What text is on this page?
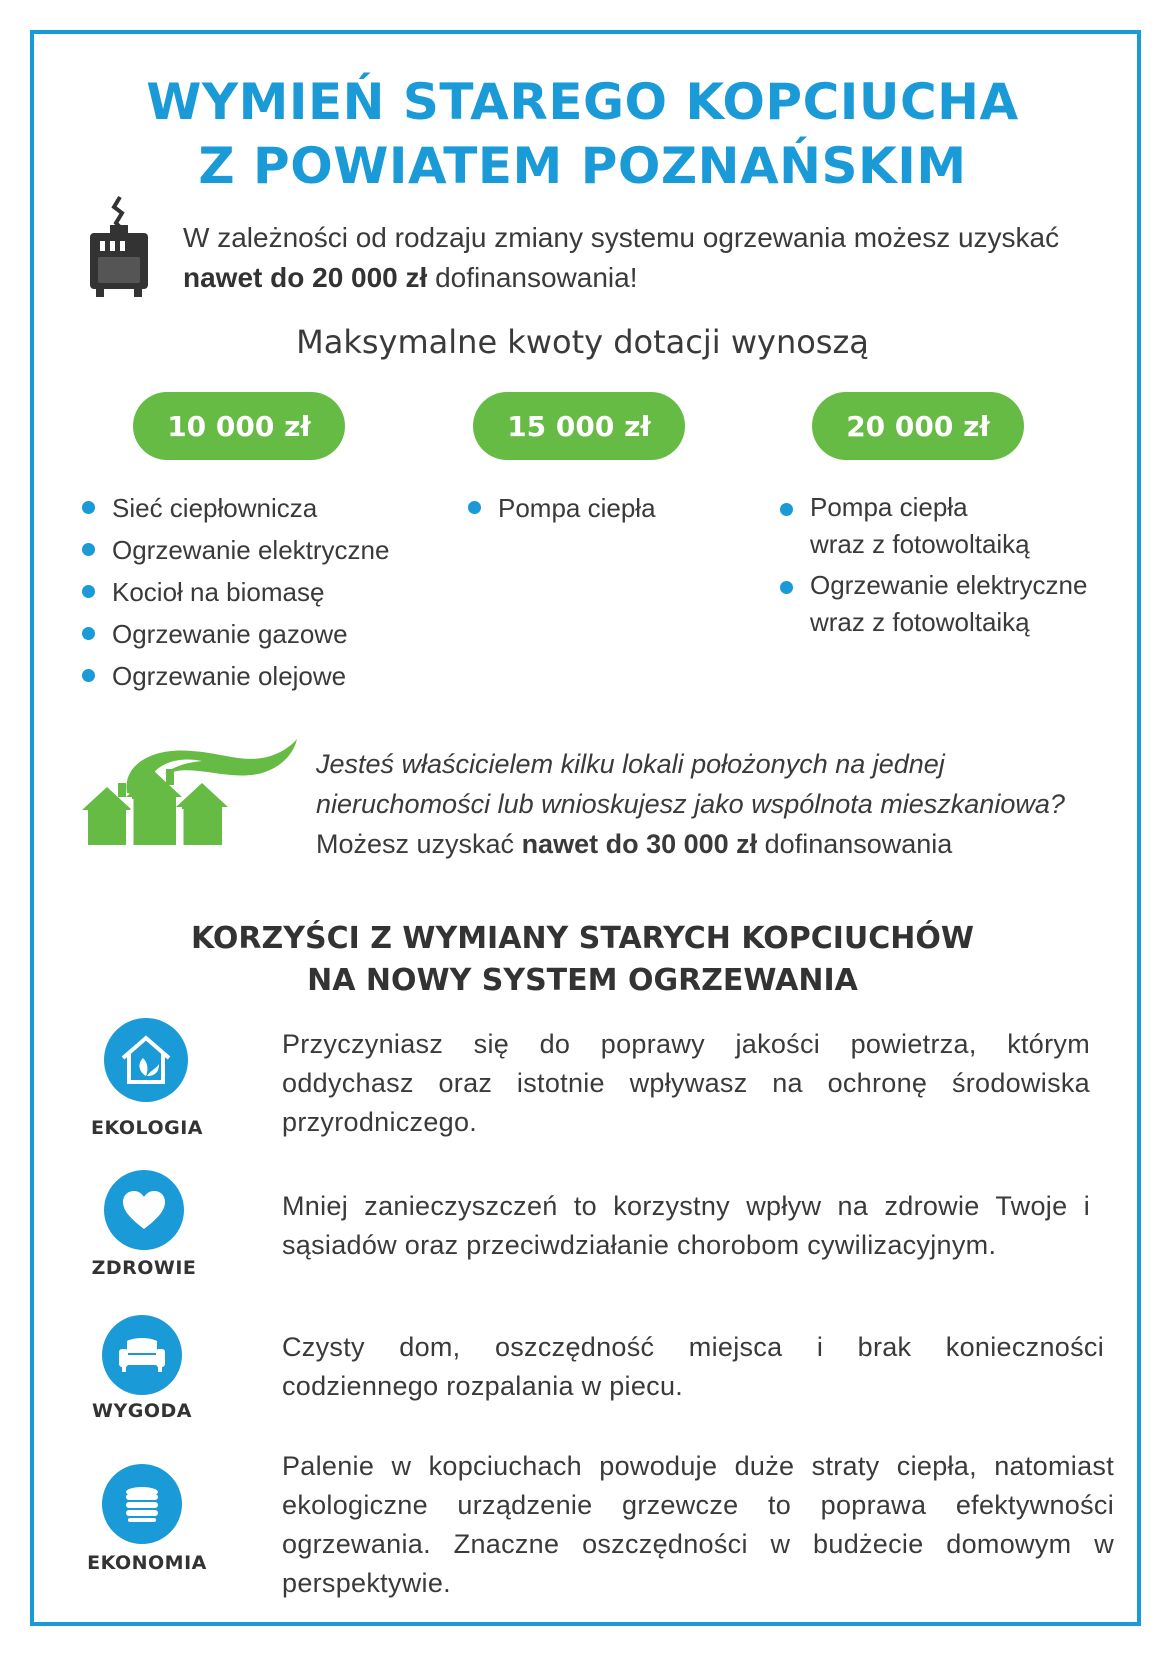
WYMIEŃ STAREGO KOPCIUCHA
Z POWIATEM POZNAŃSKIM
W zależności od rodzaju zmiany systemu ogrzewania możesz uzyskać
nawet do 20 000 zł dofinansowania!
Maksymalne kwoty dotacji wynoszą
10 000 zł	15 000 zł	20 000 zł
Sieć ciepłownicza
Ogrzewanie elektryczne
Kocioł na biomasę
Ogrzewanie gazowe
Ogrzewanie olejowe
Pompa ciepła	Pompa ciepła
wraz z fotowoltaiką
Ogrzewanie elektryczne
wraz z fotowoltaiką
Jesteś właścicielem kilku lokali położonych na jednej
nieruchomości lub wnioskujesz jako wspólnota mieszkaniowa?
Możesz uzyskać nawet do 30 000 zł dofinansowania
KORZYŚCI Z WYMIANY STARYCH KOPCIUCHÓW
NA NOWY SYSTEM OGRZEWANIA
EKOLOGIA
Przyczyniasz się do poprawy jakości powietrza, którym oddychasz oraz istotnie wpływasz na ochronę środowiska przyrodniczego.
ZDROWIE
Mniej zanieczyszczeń to korzystny wpływ na zdrowie Twoje i sąsiadów oraz przeciwdziałanie chorobom cywilizacyjnym.
WYGODA
Czysty dom, oszczędność miejsca i brak konieczności codziennego rozpalania w piecu.
EKONOMIA
Palenie w kopciuchach powoduje duże straty ciepła, natomiast ekologiczne urządzenie grzewcze to poprawa efektywności ogrzewania. Znaczne oszczędności w budżecie domowym w perspektywie.
